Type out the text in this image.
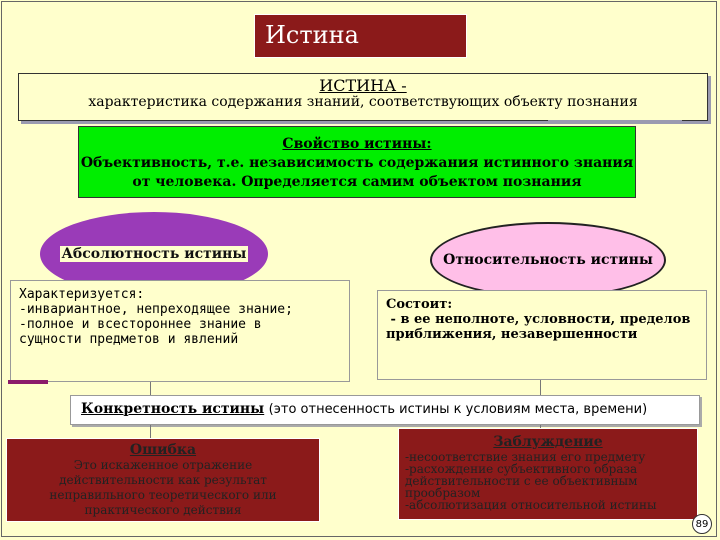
Истина
ИСТИНА -
характеристика содержания знаний, соответствующих объекту познания
Свойство истины:
Объективность, т.е. независимость содержания истинного знания
от человека. Определяется самим объектом познания
Абсолютность истины	Относительность истины
Характеризуется:
-инвариантное, непреходящее знание;
-полное и всестороннее знание в
сущности предметов и явлений
Состоит:
- в ее неполноте, условности, пределов
приближения, незавершенности
Конкретность истины (это отнесенность истины к условиям места, времени)
Ошибка
Это искаженное отражение
действительности как результат
неправильного теоретического или
практического действия
Заблуждение
-несоответствие знания его предмету
-расхождение субъективного образа
действительности с ее объективным
прообразом
-абсолютизация относительной истины
89
